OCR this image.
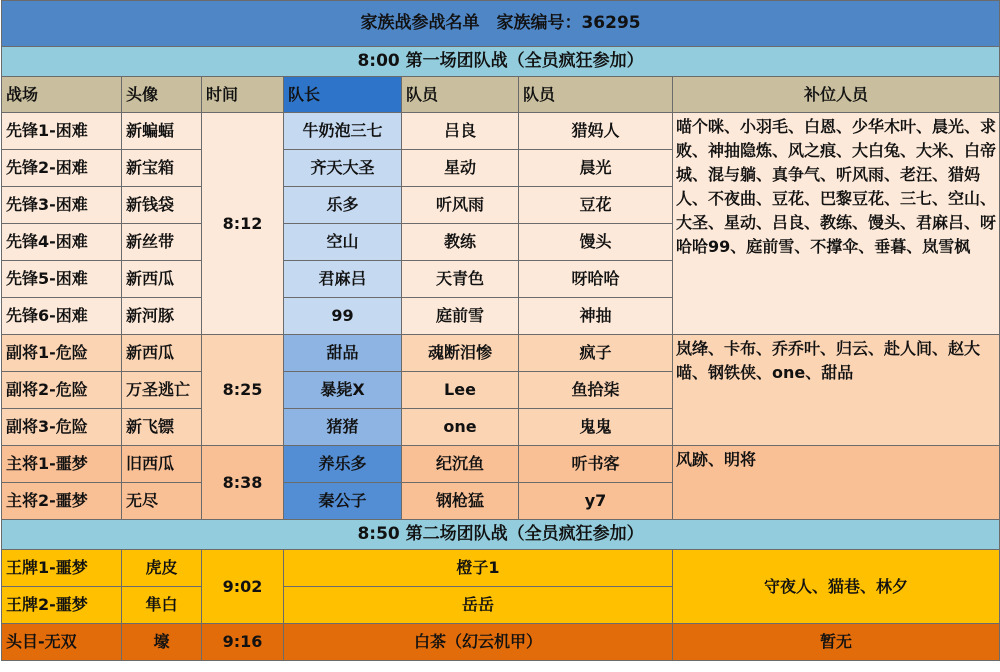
家族战参战名单　家族编号：36295						
8:00 第一场团队战（全员疯狂参加）						
战场	头像	时间	队长	队员	队员	补位人员
先锋1-困难	新蝙蝠	8:12	牛奶泡三七	吕良	猎妈人	喵个咪、小羽毛、白恩、少华木叶、晨光、求败、神抽隐炼、风之痕、大白兔、大米、白帝城、混与躺、真争气、听风雨、老汪、猎妈人、不夜曲、豆花、巴黎豆花、三七、空山、大圣、星动、吕良、教练、馒头、君麻吕、呀哈哈99、庭前雪、不撑伞、垂暮、岚雪枫
先锋2-困难	新宝箱		齐天大圣	星动	晨光	
先锋3-困难	新钱袋		乐多	听风雨	豆花	
先锋4-困难	新丝带		空山	教练	馒头	
先锋5-困难	新西瓜		君麻吕	天青色	呀哈哈	
先锋6-困难	新河豚		99	庭前雪	神抽	
副将1-危险	新西瓜	8:25	甜品	魂断泪惨	疯子	岚绛、卡布、乔乔叶、归云、赴人间、赵大喵、钢铁侠、one、甜品
副将2-危险	万圣逃亡		暴毙X	Lee	鱼拾柒	
副将3-危险	新飞镖		猪猪	one	鬼鬼	
主将1-噩梦	旧西瓜	8:38	养乐多	纪沉鱼	听书客	风跡、明将
主将2-噩梦	无尽		秦公子	钢枪猛	y7	
8:50 第二场团队战（全员疯狂参加）						
王牌1-噩梦	虎皮	9:02	橙子1			守夜人、猫巷、林夕
王牌2-噩梦	隼白		岳岳			
头目-无双	壕	9:16	白茶（幻云机甲）			暂无
